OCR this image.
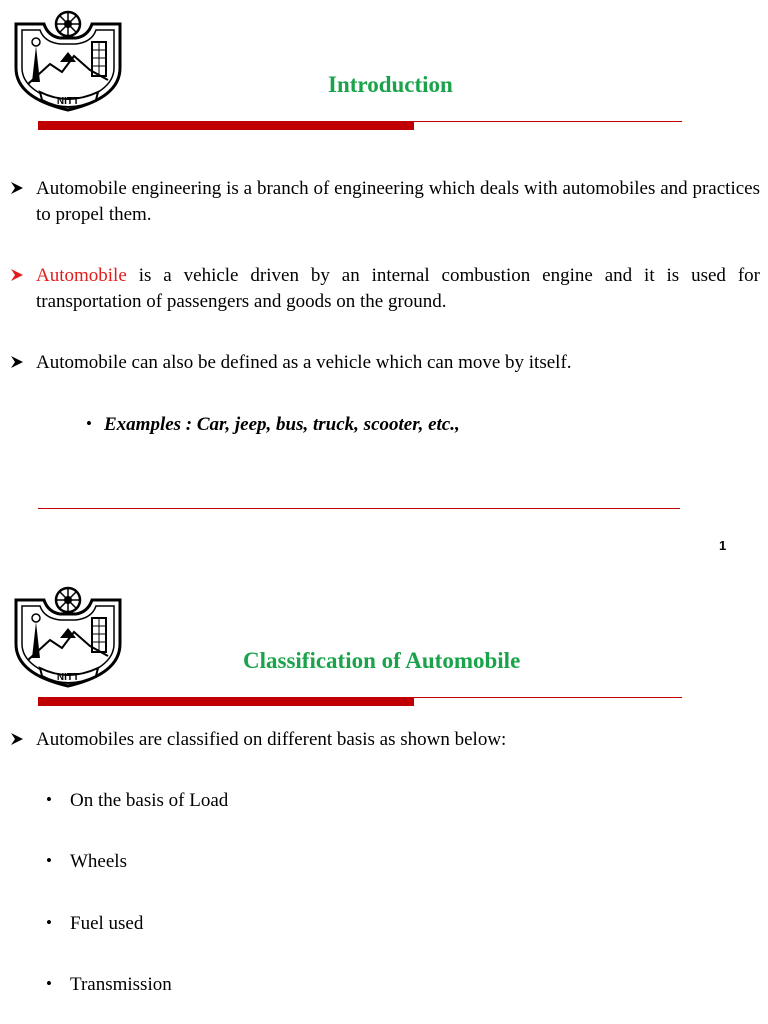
NITT
Introduction
Automobile engineering is a branch of engineering which deals with automobiles and practices to propel them.
Automobile is a vehicle driven by an internal combustion engine and it is used for transportation of passengers and goods on the ground.
Automobile can also be defined as a vehicle which can move by itself.
• Examples : Car, jeep, bus, truck, scooter, etc.,
1
NITT
Classification of Automobile
Automobiles are classified on different basis as shown below:
• On the basis of Load
• Wheels
• Fuel used
• Transmission
